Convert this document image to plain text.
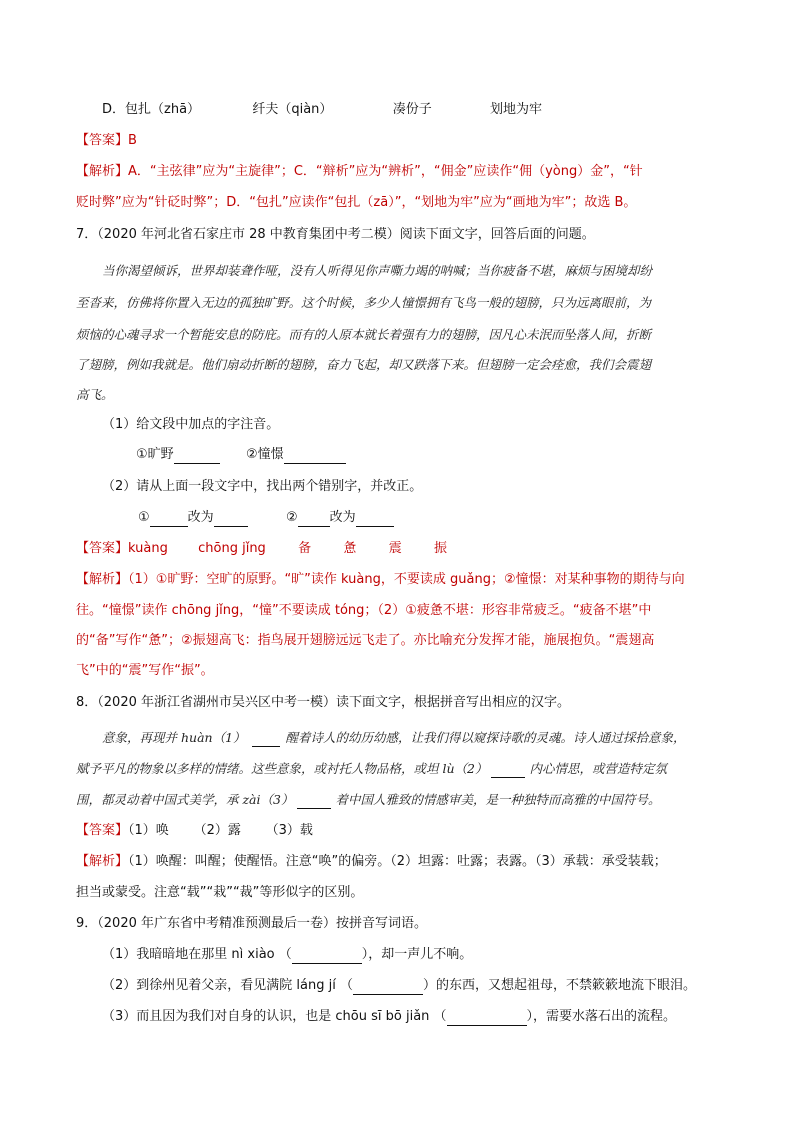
D．包扎（zhā）	纤夫（qiàn）	凑份子	划地为牢
【答案】B
【解析】A．“主弦律”应为“主旋律”；C．“辩析”应为“辨析”，“佣金”应读作“佣（yòng）金”，“针
贬时弊”应为“针砭时弊”；D．“包扎”应读作“包扎（zā）”，“划地为牢”应为“画地为牢”；故选 B。
7．（2020 年河北省石家庄市 28 中教育集团中考二模）阅读下面文字，回答后面的问题。
当你渴望倾诉，世界却装聋作哑，没有人听得见你声嘶力竭的呐喊；当你疲备不堪，麻烦与困境却纷
至沓来，仿佛将你置入无边的孤独旷野。这个时候，多少人憧憬拥有飞鸟一般的翅膀，只为远离眼前，为
烦恼的心魂寻求一个暂能安息的防庇。而有的人原本就长着强有力的翅膀，因凡心未泯而坠落人间，折断
了翅膀，例如我就是。他们扇动折断的翅膀，奋力飞起，却又跌落下来。但翅膀一定会痊愈，我们会震翅
高飞。
（1）给文段中加点的字注音。
①旷野	②憧憬
（2）请从上面一段文字中，找出两个错别字，并改正。
①	改为	② 改为
【答案】kuàng chōng jǐng 备 惫 震 振
【解析】（1）①旷野：空旷的原野。“旷”读作 kuàng，不要读成 guǎng；②憧憬：对某种事物的期待与向
往。“憧憬”读作 chōng jǐng，“憧”不要读成 tóng；（2）①疲惫不堪：形容非常疲乏。“疲备不堪”中
的“备”写作“惫”；②振翅高飞：指鸟展开翅膀远远飞走了。亦比喻充分发挥才能，施展抱负。“震翅高
飞”中的“震”写作“振”。
8．（2020 年浙江省湖州市吴兴区中考一模）读下面文字，根据拼音写出相应的汉字。
意象，再现并 huàn（1）	醒着诗人的幼历幼感，让我们得以窥探诗歌的灵魂。诗人通过採拾意象，
赋予平凡的物象以多样的情绪。这些意象，或衬托人物品格，或坦 lù（2）	内心情思，或营造特定氛
围，都灵动着中国式美学，承 zài（3）	着中国人雅致的情感审美，是一种独特而高雅的中国符号。
【答案】（1）唤      （2）露      （3）载
【解析】（1）唤醒：叫醒；使醒悟。注意“唤”的偏旁。（2）坦露：吐露；表露。（3）承载：承受装载；
担当或蒙受。注意“载”“栽”“裁”等形似字的区别。
9．（2020 年广东省中考精准预测最后一卷）按拼音写词语。
（1）我暗暗地在那里 nì xiào （	），却一声儿不响。
（2）到徐州见着父亲，看见满院 láng jí （	）的东西，又想起祖母，不禁簌簌地流下眼泪。
（3）而且因为我们对自身的认识，也是 chōu sī bō jiǎn （	），需要水落石出的流程。
